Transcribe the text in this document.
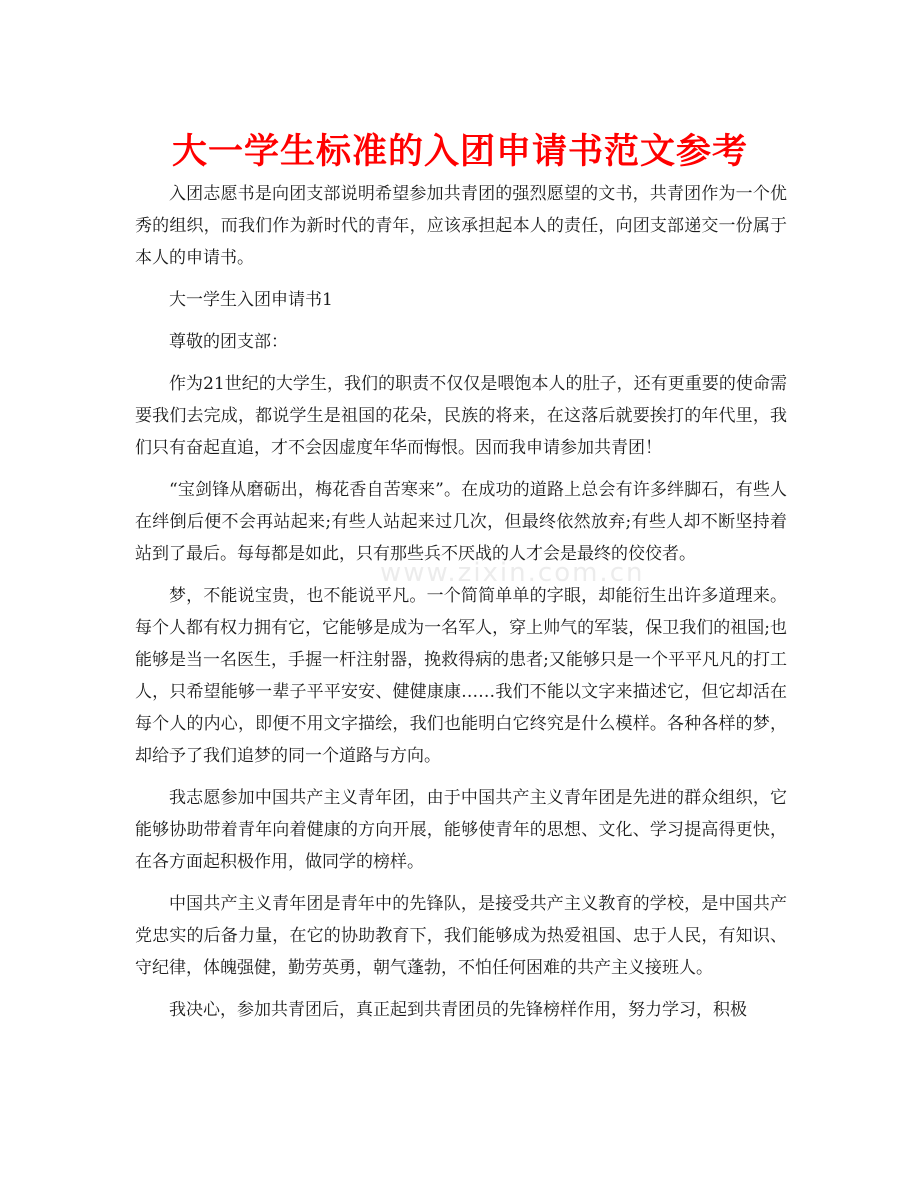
大一学生标准的入团申请书范文参考

入团志愿书是向团支部说明希望参加共青团的强烈愿望的文书，共青团作为一个优秀的组织，而我们作为新时代的青年，应该承担起本人的责任，向团支部递交一份属于本人的申请书。

大一学生入团申请书1

尊敬的团支部：

作为21世纪的大学生，我们的职责不仅仅是喂饱本人的肚子，还有更重要的使命需要我们去完成，都说学生是祖国的花朵，民族的将来，在这落后就要挨打的年代里，我们只有奋起直追，才不会因虚度年华而悔恨。因而我申请参加共青团！

“宝剑锋从磨砺出，梅花香自苦寒来”。在成功的道路上总会有许多绊脚石，有些人在绊倒后便不会再站起来;有些人站起来过几次，但最终依然放弃;有些人却不断坚持着站到了最后。每每都是如此，只有那些兵不厌战的人才会是最终的佼佼者。

梦，不能说宝贵，也不能说平凡。一个简简单单的字眼，却能衍生出许多道理来。每个人都有权力拥有它，它能够是成为一名军人，穿上帅气的军装，保卫我们的祖国;也能够是当一名医生，手握一杆注射器，挽救得病的患者;又能够只是一个平平凡凡的打工人，只希望能够一辈子平平安安、健健康康……我们不能以文字来描述它，但它却活在每个人的内心，即便不用文字描绘，我们也能明白它终究是什么模样。各种各样的梦，却给予了我们追梦的同一个道路与方向。

我志愿参加中国共产主义青年团，由于中国共产主义青年团是先进的群众组织，它能够协助带着青年向着健康的方向开展，能够使青年的思想、文化、学习提高得更快，在各方面起积极作用，做同学的榜样。

中国共产主义青年团是青年中的先锋队，是接受共产主义教育的学校，是中国共产党忠实的后备力量，在它的协助教育下，我们能够成为热爱祖国、忠于人民，有知识、守纪律，体魄强健，勤劳英勇，朝气蓬勃，不怕任何困难的共产主义接班人。

我决心，参加共青团后，真正起到共青团员的先锋榜样作用，努力学习，积极

www.zixin.com.cn
